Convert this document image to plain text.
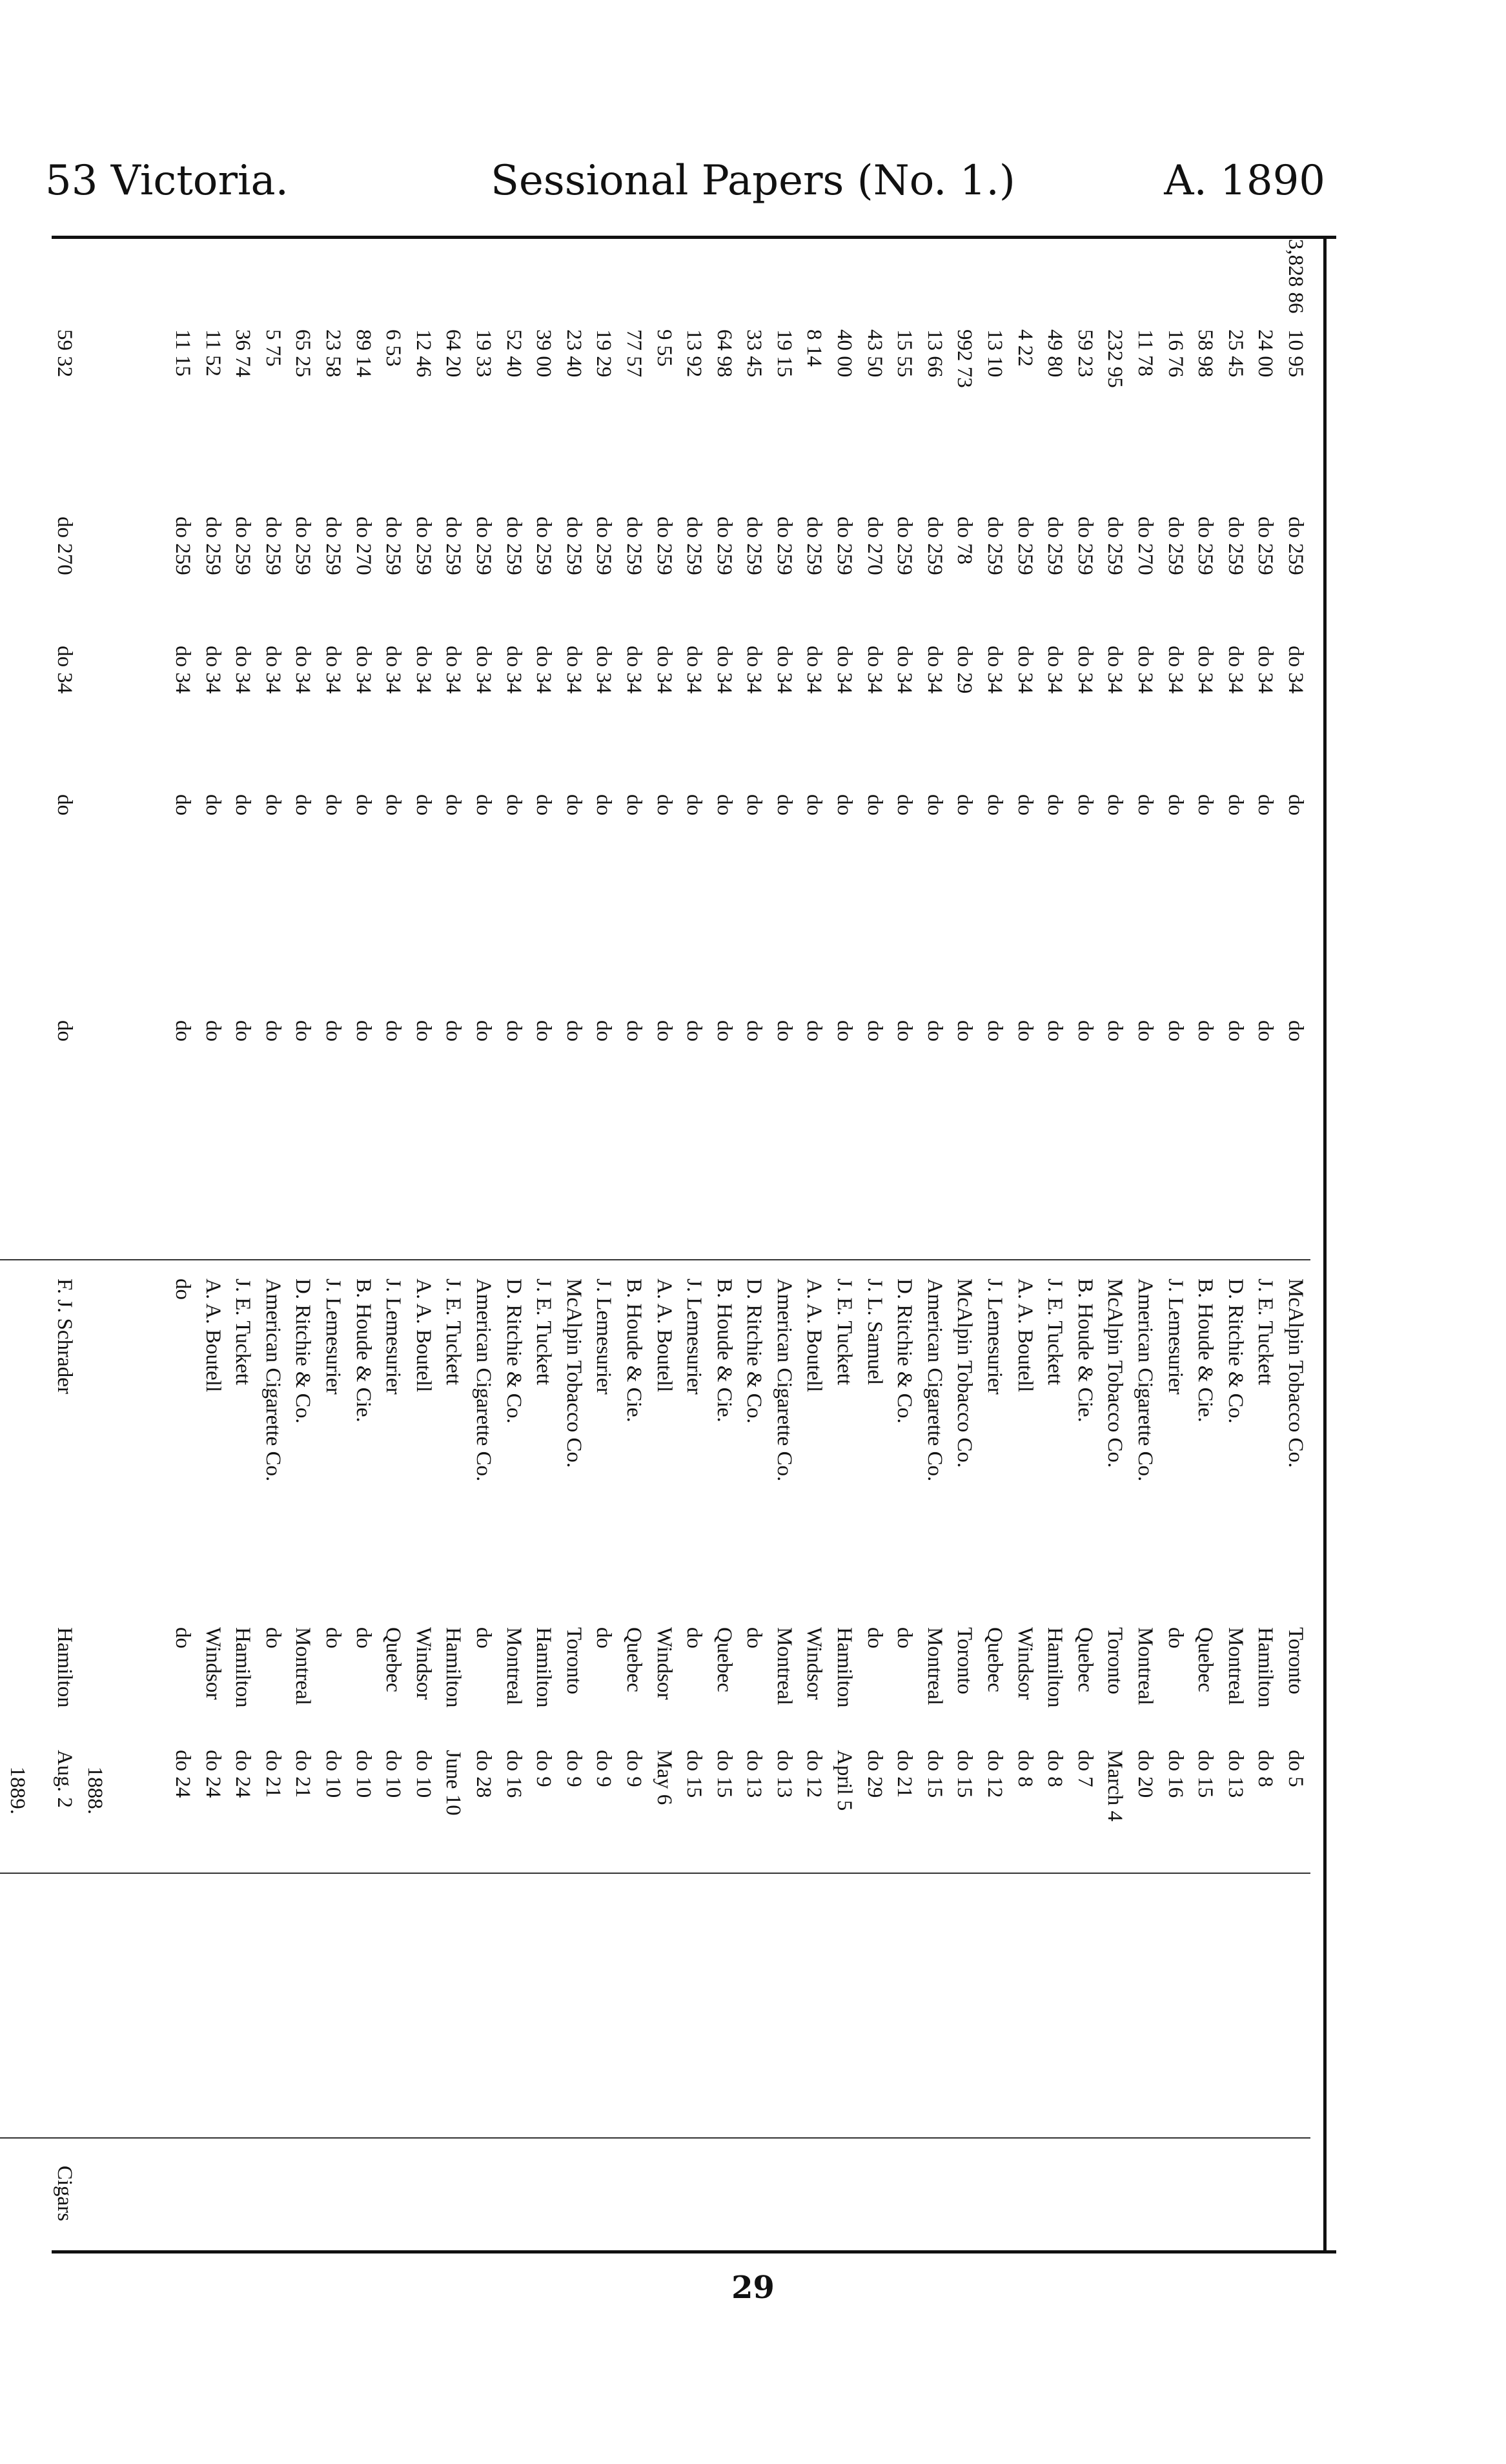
53 Victoria.	Sessional Papers (No. 1.)	A. 1890
do 5
Toronto
McAlpin Tobacco Co.
do
do
do 34
do 259
10 95
3,828 86
do 8
Hamilton
J. E. Tuckett
do
do
do 34
do 259
24 00
do 13
Montreal
D. Ritchie & Co.
do
do
do 34
do 259
25 45
do 15
Quebec
B. Houde & Cie.
do
do
do 34
do 259
58 98
do 16
do
J. Lemesurier
do
do
do 34
do 259
16 76
do 20
Montreal
American Cigarette Co.
do
do
do 34
do 270
11 78
March 4
Toronto
McAlpin Tobacco Co.
do
do
do 34
do 259
232 95
do 7
Quebec
B. Houde & Cie.
do
do
do 34
do 259
59 23
do 8
Hamilton
J. E. Tuckett
do
do
do 34
do 259
49 80
do 8
Windsor
A. A. Boutell
do
do
do 34
do 259
4 22
do 12
Quebec
J. Lemesurier
do
do
do 34
do 259
13 10
do 15
Toronto
McAlpin Tobacco Co.
do
do
do 29
do 78
992 73
do 15
Montreal
American Cigarette Co.
do
do
do 34
do 259
13 66
do 21
do
D. Ritchie & Co.
do
do
do 34
do 259
15 55
do 29
do
J. L. Samuel
do
do
do 34
do 270
43 50
April 5
Hamilton
J. E. Tuckett
do
do
do 34
do 259
40 00
do 12
Windsor
A. A. Boutell
do
do
do 34
do 259
8 14
do 13
Montreal
American Cigarette Co.
do
do
do 34
do 259
19 15
do 13
do
D. Ritchie & Co.
do
do
do 34
do 259
33 45
do 15
Quebec
B. Houde & Cie.
do
do
do 34
do 259
64 98
do 15
do
J. Lemesurier
do
do
do 34
do 259
13 92
May 6
Windsor
A. A. Boutell
do
do
do 34
do 259
9 55
do 9
Quebec
B. Houde & Cie.
do
do
do 34
do 259
77 57
do 9
do
J. Lemesurier
do
do
do 34
do 259
19 29
do 9
Toronto
McAlpin Tobacco Co.
do
do
do 34
do 259
23 40
do 9
Hamilton
J. E. Tuckett
do
do
do 34
do 259
39 00
do 16
Montreal
D. Ritchie & Co.
do
do
do 34
do 259
52 40
do 28
do
American Cigarette Co.
do
do
do 34
do 259
19 33
June 10
Hamilton
J. E. Tuckett
do
do
do 34
do 259
64 20
do 10
Windsor
A. A. Boutell
do
do
do 34
do 259
12 46
do 10
Quebec
J. Lemesurier
do
do
do 34
do 259
6 53
do 10
do
B. Houde & Cie.
do
do
do 34
do 270
89 14
do 10
do
J. Lemesurier
do
do
do 34
do 259
23 58
do 21
Montreal
D. Ritchie & Co.
do
do
do 34
do 259
65 25
do 21
do
American Cigarette Co.
do
do
do 34
do 259
5 75
do 24
Hamilton
J. E. Tuckett
do
do
do 34
do 259
36 74
do 24
Windsor
A. A. Boutell
do
do
do 34
do 259
11 52
do 24
do
do
do
do
do 34
do 259
11 15
1888.
Cigars
Aug. 2
Hamilton
F. J. Schrader
do
do
do 34
do 270
59 32
1889.
29
